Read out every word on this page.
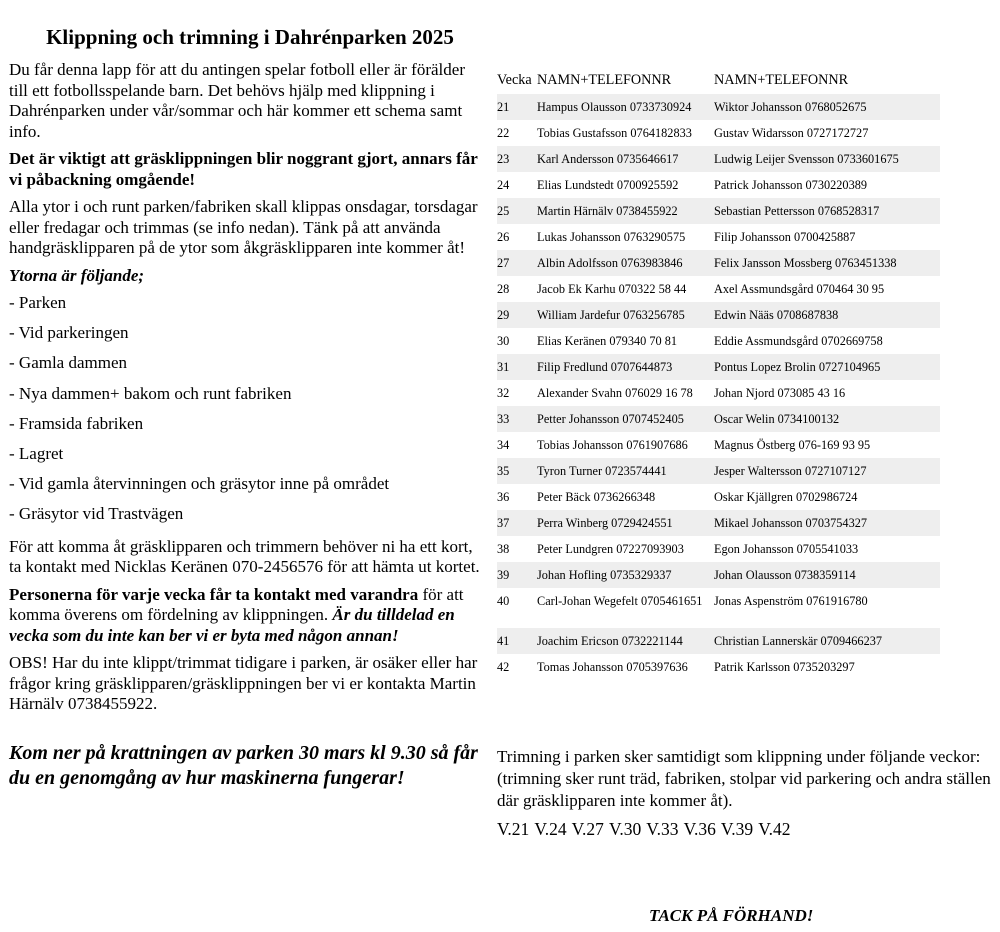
Klippning och trimning i Dahrénparken 2025

Du får denna lapp för att du antingen spelar fotboll eller är förälder till ett fotbollsspelande barn. Det behövs hjälp med klippning i Dahrénparken under vår/sommar och här kommer ett schema samt info.

Det är viktigt att gräsklippningen blir noggrant gjort, annars får vi påbackning omgående!

Alla ytor i och runt parken/fabriken skall klippas onsdagar, torsdagar eller fredagar och trimmas (se info nedan). Tänk på att använda handgräsklipparen på de ytor som åkgräsklipparen inte kommer åt!

Ytorna är följande;

- Parken
- Vid parkeringen
- Gamla dammen
- Nya dammen+ bakom och runt fabriken
- Framsida fabriken
- Lagret
- Vid gamla återvinningen och gräsytor inne på området
- Gräsytor vid Trastvägen

För att komma åt gräsklipparen och trimmern behöver ni ha ett kort, ta kontakt med Nicklas Keränen 070-2456576 för att hämta ut kortet.

Personerna för varje vecka får ta kontakt med varandra för att komma överens om fördelning av klippningen. Är du tilldelad en vecka som du inte kan ber vi er byta med någon annan!

OBS! Har du inte klippt/trimmat tidigare i parken, är osäker eller har frågor kring gräsklipparen/gräsklippningen ber vi er kontakta Martin Härnälv 0738455922.

Kom ner på krattningen av parken 30 mars kl 9.30 så får du en genomgång av hur maskinerna fungerar!

Vecka	NAMN+TELEFONNR	NAMN+TELEFONNR
21	Hampus Olausson 0733730924	Wiktor Johansson 0768052675
22	Tobias Gustafsson 0764182833	Gustav Widarsson 0727172727
23	Karl Andersson 0735646617	Ludwig Leijer Svensson 0733601675
24	Elias Lundstedt 0700925592	Patrick Johansson 0730220389
25	Martin Härnälv 0738455922	Sebastian Pettersson 0768528317
26	Lukas Johansson 0763290575	Filip Johansson 0700425887
27	Albin Adolfsson 0763983846	Felix Jansson Mossberg 0763451338
28	Jacob Ek Karhu 070322 58 44	Axel Assmundsgård 070464 30 95
29	William Jardefur 0763256785	Edwin Nääs 0708687838
30	Elias Keränen 079340 70 81	Eddie Assmundsgård 0702669758
31	Filip Fredlund 0707644873	Pontus Lopez Brolin 0727104965
32	Alexander Svahn 076029 16 78	Johan Njord 073085 43 16
33	Petter Johansson 0707452405	Oscar Welin 0734100132
34	Tobias Johansson 0761907686	Magnus Östberg 076-169 93 95
35	Tyron Turner 0723574441	Jesper Waltersson 0727107127
36	Peter Bäck 0736266348	Oskar Kjällgren 0702986724
37	Perra Winberg 0729424551	Mikael Johansson 0703754327
38	Peter Lundgren 07227093903	Egon Johansson 0705541033
39	Johan Hofling 0735329337	Johan Olausson 0738359114
40	Carl-Johan Wegefelt 0705461651	Jonas Aspenström 0761916780

41	Joachim Ericson 0732221144	Christian Lannerskär 0709466237
42	Tomas Johansson 0705397636	Patrik Karlsson 0735203297

Trimning i parken sker samtidigt som klippning under följande veckor: (trimning sker runt träd, fabriken, stolpar vid parkering och andra ställen där gräsklipparen inte kommer åt).

V.21 V.24 V.27 V.30 V.33 V.36 V.39 V.42

TACK PÅ FÖRHAND!
